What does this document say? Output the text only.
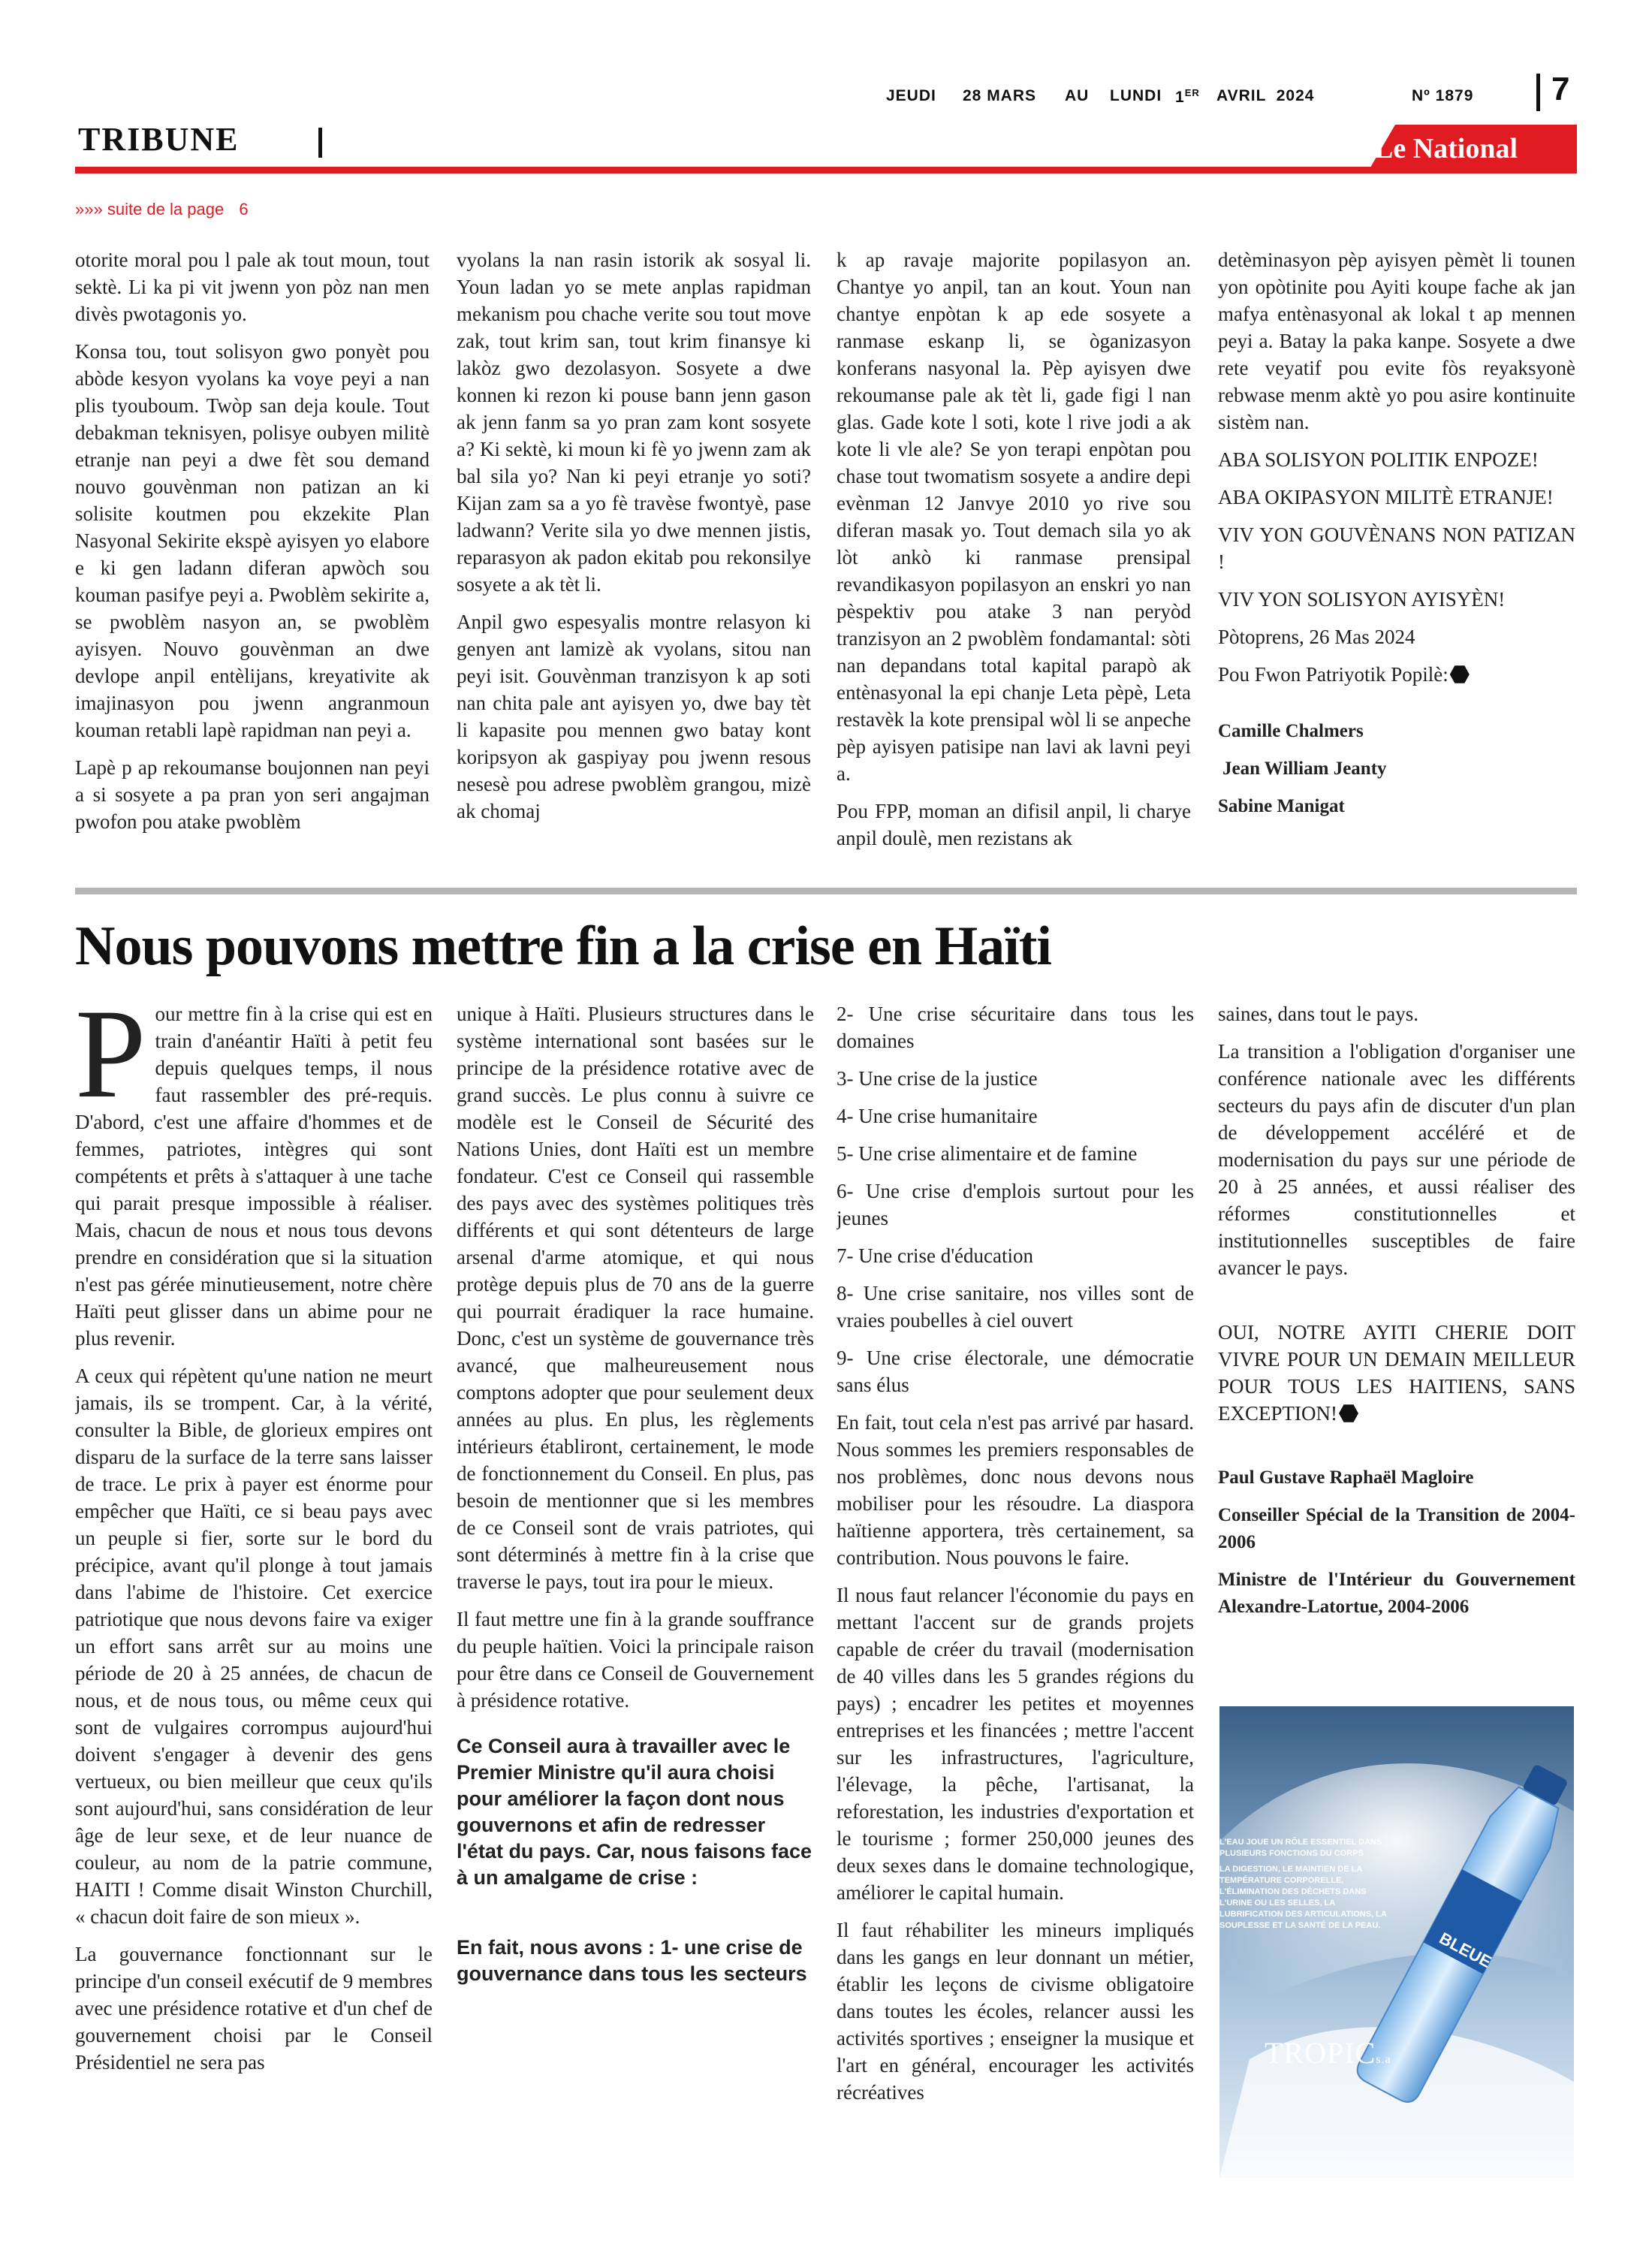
JEUDI 28 MARS AU LUNDI 1ER AVRIL  2024	Nº 1879 7
TRIBUNE	Le National
»»» suite de la page 6

otorite moral pou l pale ak tout moun, tout sektè. Li ka pi vit jwenn yon pòz nan men divès pwotagonis yo.

Konsa tou, tout solisyon gwo ponyèt pou abòde kesyon vyolans ka voye peyi a nan plis tyouboum. Twòp san deja koule. Tout debakman teknisyen, polisye oubyen militè etranje nan peyi a dwe fèt sou demand nouvo gouvènman non patizan an ki solisite koutmen pou ekzekite Plan Nasyonal Sekirite ekspè ayisyen yo elabore e ki gen ladann diferan apwòch sou kouman pasifye peyi a. Pwoblèm sekirite a, se pwoblèm nasyon an, se pwoblèm ayisyen. Nouvo gouvènman an dwe devlope anpil entèlijans, kreyativite ak imajinasyon pou jwenn angranmoun kouman retabli lapè rapidman nan peyi a.

Lapè p ap rekoumanse boujonnen nan peyi a si sosyete a pa pran yon seri angajman pwofon pou atake pwoblèm

vyolans la nan rasin istorik ak sosyal li. Youn ladan yo se mete anplas rapidman mekanism pou chache verite sou tout move zak, tout krim san, tout krim finansye ki lakòz gwo dezolasyon. Sosyete a dwe konnen ki rezon ki pouse bann jenn gason ak jenn fanm sa yo pran zam kont sosyete a? Ki sektè, ki moun ki fè yo jwenn zam ak bal sila yo? Nan ki peyi etranje yo soti? Kijan zam sa a yo fè travèse fwontyè, pase ladwann? Verite sila yo dwe mennen jistis, reparasyon ak padon ekitab pou rekonsilye sosyete a ak tèt li.

Anpil gwo espesyalis montre relasyon ki genyen ant lamizè ak vyolans, sitou nan peyi isit. Gouvènman tranzisyon k ap soti nan chita pale ant ayisyen yo, dwe bay tèt li kapasite pou mennen gwo batay kont koripsyon ak gaspiyay pou jwenn resous nesesè pou adrese pwoblèm grangou, mizè ak chomaj

k ap ravaje majorite popilasyon an. Chantye yo anpil, tan an kout. Youn nan chantye enpòtan k ap ede sosyete a ranmase eskanp li, se òganizasyon konferans nasyonal la. Pèp ayisyen dwe rekoumanse pale ak tèt li, gade figi l nan glas. Gade kote l soti, kote l rive jodi a ak kote li vle ale? Se yon terapi enpòtan pou chase tout twomatism sosyete a andire depi evènman 12 Janvye 2010 yo rive sou diferan masak yo. Tout demach sila yo ak lòt ankò ki ranmase prensipal revandikasyon popilasyon an enskri yo nan pèspektiv pou atake 3 nan peryòd tranzisyon an 2 pwoblèm fondamantal: sòti nan depandans total kapital parapò ak entènasyonal la epi chanje Leta pèpè, Leta restavèk la kote prensipal wòl li se anpeche pèp ayisyen patisipe nan lavi ak lavni peyi a.

Pou FPP, moman an difisil anpil, li charye anpil doulè, men rezistans ak

detèminasyon pèp ayisyen pèmèt li tounen yon opòtinite pou Ayiti koupe fache ak jan mafya entènasyonal ak lokal t ap mennen peyi a. Batay la paka kanpe. Sosyete a dwe rete veyatif pou evite fòs reyaksyonè rebwase menm aktè yo pou asire kontinuite sistèm nan.

ABA SOLISYON POLITIK ENPOZE!

ABA OKIPASYON MILITÈ ETRANJE!

VIV YON GOUVÈNANS NON PATIZAN !

VIV YON SOLISYON AYISYÈN!

Pòtoprens, 26 Mas 2024

Pou Fwon Patriyotik Popilè:

Camille Chalmers
Jean William Jeanty
Sabine Manigat
Nous pouvons mettre fin a la crise en Haïti

Pour mettre fin à la crise qui est en train d'anéantir Haïti à petit feu depuis quelques temps, il nous faut rassembler des pré-requis. D'abord, c'est une affaire d'hommes et de femmes, patriotes, intègres qui sont compétents et prêts à s'attaquer à une tache qui parait presque impossible à réaliser. Mais, chacun de nous et nous tous devons prendre en considération que si la situation n'est pas gérée minutieusement, notre chère Haïti peut glisser dans un abime pour ne plus revenir.

A ceux qui répètent qu'une nation ne meurt jamais, ils se trompent. Car, à la vérité, consulter la Bible, de glorieux empires ont disparu de la surface de la terre sans laisser de trace. Le prix à payer est énorme pour empêcher que Haïti, ce si beau pays avec un peuple si fier, sorte sur le bord du précipice, avant qu'il plonge à tout jamais dans l'abime de l'histoire. Cet exercice patriotique que nous devons faire va exiger un effort sans arrêt sur au moins une période de 20 à 25 années, de chacun de nous, et de nous tous, ou même ceux qui sont de vulgaires corrompus aujourd'hui doivent s'engager à devenir des gens vertueux, ou bien meilleur que ceux qu'ils sont aujourd'hui, sans considération de leur âge de leur sexe, et de leur nuance de couleur, au nom de la patrie commune, HAITI ! Comme disait Winston Churchill, « chacun doit faire de son mieux ».

La gouvernance fonctionnant sur le principe d'un conseil exécutif de 9 membres avec une présidence rotative et d'un chef de gouvernement choisi par le Conseil Présidentiel ne sera pas

unique à Haïti. Plusieurs structures dans le système international sont basées sur le principe de la présidence rotative avec de grand succès. Le plus connu à suivre ce modèle est le Conseil de Sécurité des Nations Unies, dont Haïti est un membre fondateur. C'est ce Conseil qui rassemble des pays avec des systèmes politiques très différents et qui sont détenteurs de large arsenal d'arme atomique, et qui nous protège depuis plus de 70 ans de la guerre qui pourrait éradiquer la race humaine. Donc, c'est un système de gouvernance très avancé, que malheureusement nous comptons adopter que pour seulement deux années au plus. En plus, les règlements intérieurs établiront, certainement, le mode de fonctionnement du Conseil. En plus, pas besoin de mentionner que si les membres de ce Conseil sont de vrais patriotes, qui sont déterminés à mettre fin à la crise que traverse le pays, tout ira pour le mieux.

Il faut mettre une fin à la grande souffrance du peuple haïtien. Voici la principale raison pour être dans ce Conseil de Gouvernement à présidence rotative.

Ce Conseil aura à travailler avec le Premier Ministre qu'il aura choisi pour améliorer la façon dont nous gouvernons et afin de redresser l'état du pays. Car, nous faisons face à un amalgame de crise :
En fait, nous avons : 1- une crise de gouvernance dans tous les secteurs
2- Une crise sécuritaire dans tous les domaines
3- Une crise de la justice
4- Une crise humanitaire
5- Une crise alimentaire et de famine
6- Une crise d'emplois surtout pour les jeunes
7- Une crise d'éducation
8- Une crise sanitaire, nos villes sont de vraies poubelles à ciel ouvert
9- Une crise électorale, une démocratie sans élus

En fait, tout cela n'est pas arrivé par hasard. Nous sommes les premiers responsables de nos problèmes, donc nous devons nous mobiliser pour les résoudre. La diaspora haïtienne apportera, très certainement, sa contribution. Nous pouvons le faire.

Il nous faut relancer l'économie du pays en mettant l'accent sur de grands projets capable de créer du travail (modernisation de 40 villes dans les 5 grandes régions du pays) ; encadrer les petites et moyennes entreprises et les financées ; mettre l'accent sur les infrastructures, l'agriculture, l'élevage, la pêche, l'artisanat, la reforestation, les industries d'exportation et le tourisme ; former 250,000 jeunes des deux sexes dans le domaine technologique, améliorer le capital humain.

Il faut réhabiliter les mineurs impliqués dans les gangs en leur donnant un métier, établir les leçons de civisme obligatoire dans toutes les écoles, relancer aussi les activités sportives ; enseigner la musique et l'art en général, encourager les activités récréatives

saines, dans tout le pays.

La transition a l'obligation d'organiser une conférence nationale avec les différents secteurs du pays afin de discuter d'un plan de développement accéléré et de modernisation du pays sur une période de 20 à 25 années, et aussi réaliser des réformes constitutionnelles et institutionnelles susceptibles de faire avancer le pays.

OUI, NOTRE AYITI CHERIE DOIT VIVRE POUR UN DEMAIN MEILLEUR POUR TOUS LES HAITIENS, SANS EXCEPTION!

Paul Gustave Raphaël Magloire
Conseiller Spécial de la Transition de 2004-2006
Ministre de l'Intérieur du Gouvernement Alexandre-Latortue, 2004-2006
L'EAU JOUE UN RÔLE ESSENTIEL DANS
PLUSIEURS FONCTIONS DU CORPS
LA DIGESTION, LE MAINTIEN DE LA
TEMPÉRATURE CORPORELLE,
L'ÉLIMINATION DES DÉCHETS DANS
L'URINE OU LES SELLES, LA
LUBRIFICATION DES ARTICULATIONS, LA
SOUPLESSE ET LA SANTÉ DE LA PEAU.
BLEUE
TROPICs.a
